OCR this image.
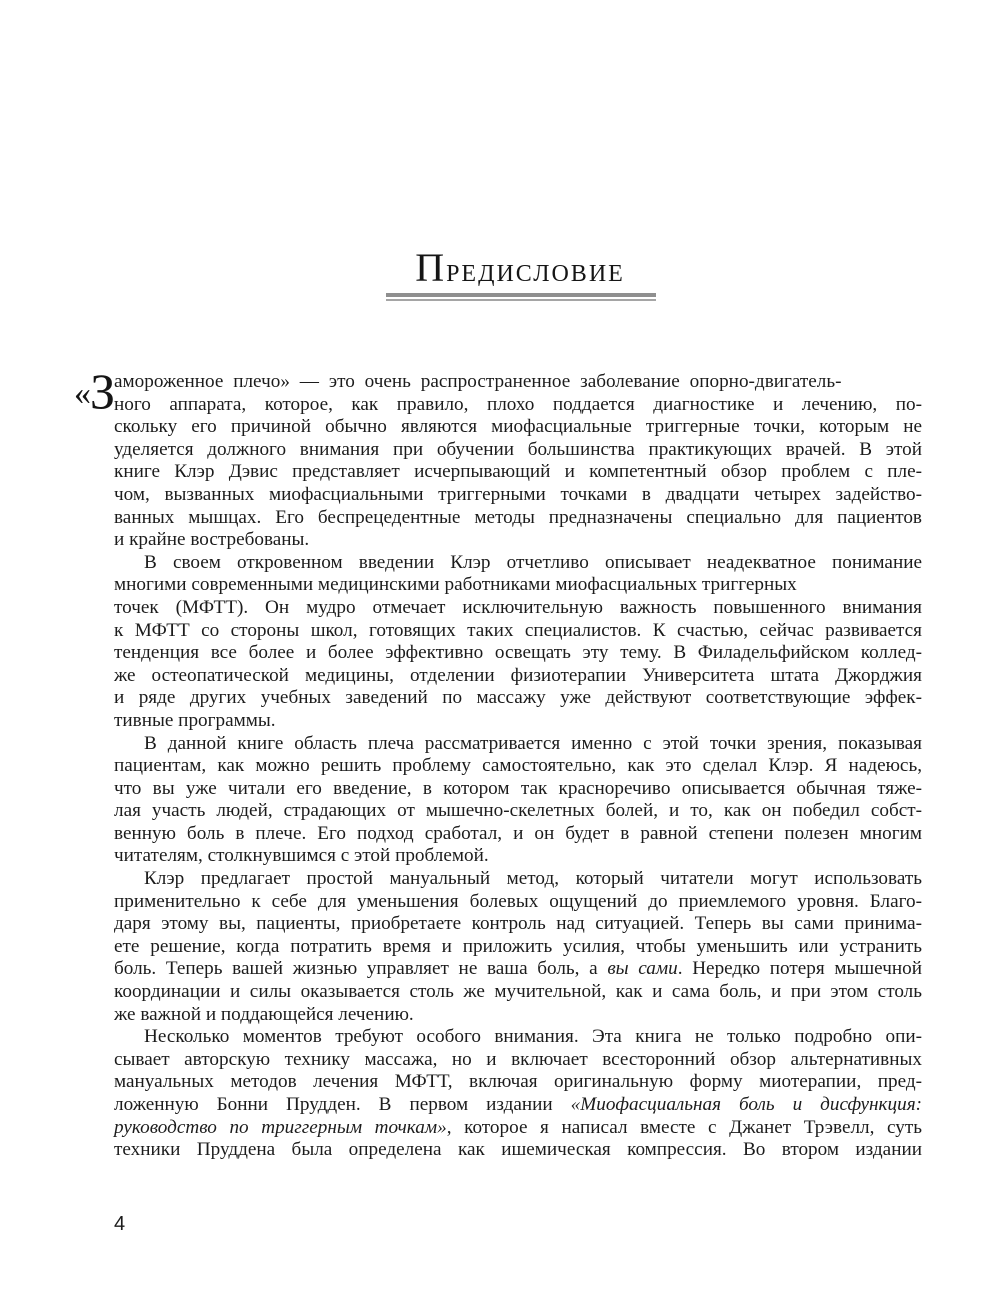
Предисловие
«З
амороженное плечо» — это очень распространенное заболевание опорно-двигатель-
ного аппарата, которое, как правило, плохо поддается диагностике и лечению, по-
скольку его причиной обычно являются миофасциальные триггерные точки, которым не
уделяется должного внимания при обучении большинства практикующих врачей. В этой
книге Клэр Дэвис представляет исчерпывающий и компетентный обзор проблем с пле-
чом, вызванных миофасциальными триггерными точками в двадцати четырех задейство-
ванных мышцах. Его беспрецедентные методы предназначены специально для пациентов
и крайне востребованы.
В своем откровенном введении Клэр отчетливо описывает неадекватное понимание
многими современными медицинскими работниками миофасциальных триггерных
точек (МФТТ). Он мудро отмечает исключительную важность повышенного внимания
к МФТТ со стороны школ, готовящих таких специалистов. К счастью, сейчас развивается
тенденция все более и более эффективно освещать эту тему. В Филадельфийском коллед-
же остеопатической медицины, отделении физиотерапии Университета штата Джорджия
и ряде других учебных заведений по массажу уже действуют соответствующие эффек-
тивные программы.
В данной книге область плеча рассматривается именно с этой точки зрения, показывая
пациентам, как можно решить проблему самостоятельно, как это сделал Клэр. Я надеюсь,
что вы уже читали его введение, в котором так красноречиво описывается обычная тяже-
лая участь людей, страдающих от мышечно-скелетных болей, и то, как он победил собст-
венную боль в плече. Его подход сработал, и он будет в равной степени полезен многим
читателям, столкнувшимся с этой проблемой.
Клэр предлагает простой мануальный метод, который читатели могут использовать
применительно к себе для уменьшения болевых ощущений до приемлемого уровня. Благо-
даря этому вы, пациенты, приобретаете контроль над ситуацией. Теперь вы сами принима-
ете решение, когда потратить время и приложить усилия, чтобы уменьшить или устранить
боль. Теперь вашей жизнью управляет не ваша боль, а вы сами. Нередко потеря мышечной
координации и силы оказывается столь же мучительной, как и сама боль, и при этом столь
же важной и поддающейся лечению.
Несколько моментов требуют особого внимания. Эта книга не только подробно опи-
сывает авторскую технику массажа, но и включает всесторонний обзор альтернативных
мануальных методов лечения МФТТ, включая оригинальную форму миотерапии, пред-
ложенную Бонни Прудден. В первом издании «Миофасциальная боль и дисфункция:
руководство по триггерным точкам», которое я написал вместе с Джанет Трэвелл, суть
техники Пруддена была определена как ишемическая компрессия. Во втором издании
4
